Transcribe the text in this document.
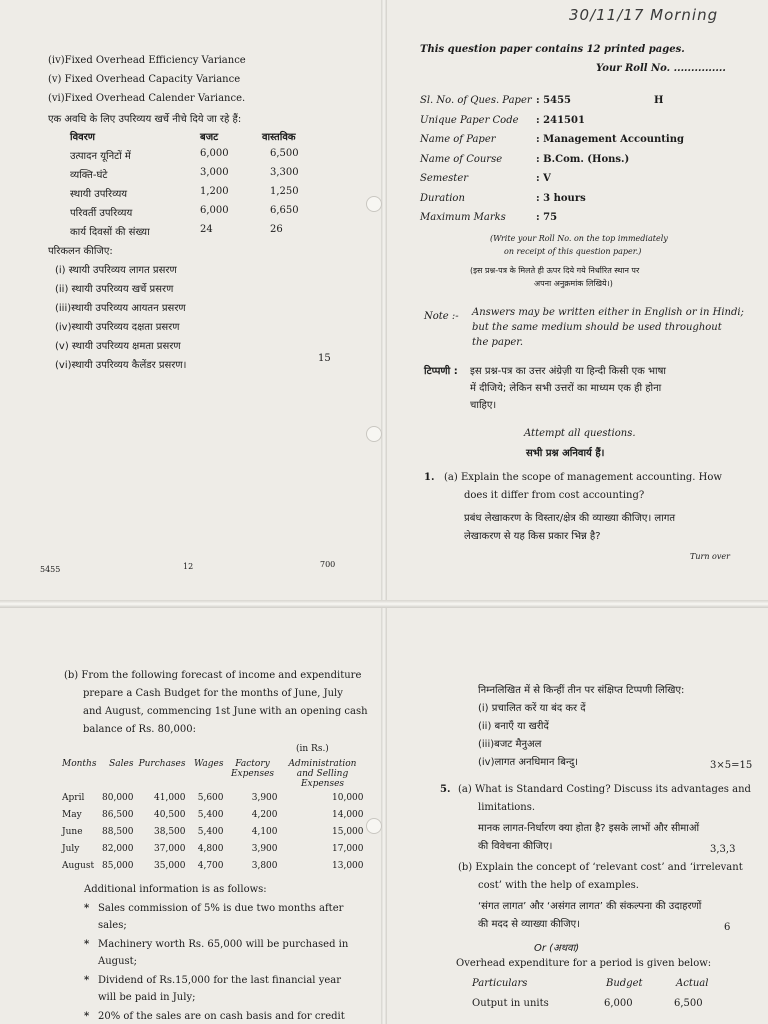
(iv)Fixed Overhead Efficiency Variance
(v) Fixed Overhead Capacity Variance
(vi)Fixed Overhead Calender Variance.
एक अवधि के लिए उपरिव्यय खर्चे नीचे दिये जा रहे हैं:
विवरण	बजट	वास्तविक
उत्पादन यूनिटों में	6,000	6,500
व्यक्ति-घंटे	3,000	3,300
स्थायी उपरिव्यय	1,200	1,250
परिवर्ती उपरिव्यय	6,000	6,650
कार्य दिवसों की संख्या	24	26
परिकलन कीजिए:
(i) स्थायी उपरिव्यय लागत प्रसरण
(ii) स्थायी उपरिव्यय खर्चे प्रसरण
(iii)स्थायी उपरिव्यय आयतन प्रसरण
(iv)स्थायी उपरिव्यय दक्षता प्रसरण
(v) स्थायी उपरिव्यय क्षमता प्रसरण
(vi)स्थायी उपरिव्यय कैलेंडर प्रसरण।
15
5455	12	700
30/11/17 Morning
This question paper contains 12 printed pages.
Your Roll No. ...............
Sl. No. of Ques. Paper : 5455	H
Unique Paper Code : 241501
Name of Paper	: Management Accounting
Name of Course	: B.Com. (Hons.)
Semester	: V
Duration	: 3 hours
Maximum Marks	: 75
(Write your Roll No. on the top immediately
on receipt of this question paper.)
(इस प्रश्न-पत्र के मिलते ही ऊपर दिये गये निर्धारित स्थान पर
अपना अनुक्रमांक लिखिये।)
Note :- Answers may be written either in English or in Hindi;
but the same medium should be used throughout
the paper.
टिप्पणी : इस प्रश्न-पत्र का उत्तर अंग्रेज़ी या हिन्दी किसी एक भाषा
में दीजिये; लेकिन सभी उत्तरों का माध्यम एक ही होना
चाहिए।
Attempt all questions.
सभी प्रश्न अनिवार्य हैं।
1. (a) Explain the scope of management accounting. How
does it differ from cost accounting?
प्रबंध लेखाकरण के विस्तार/क्षेत्र की व्याख्या कीजिए। लागत
लेखाकरण से यह किस प्रकार भिन्न है?
Turn over
(b) From the following forecast of income and expenditure
prepare a Cash Budget for the months of June, July
and August, commencing 1st June with an opening cash
balance of Rs. 80,000:
(in Rs.)
Months	Sales	Purchases	Wages	Factory Expenses	Administration and Selling Expenses
April	80,000	41,000	5,600	3,900	10,000
May	86,500	40,500	5,400	4,200	14,000
June	88,500	38,500	5,400	4,100	15,000
July	82,000	37,000	4,800	3,900	17,000
August	85,000	35,000	4,700	3,800	13,000
Additional information is as follows:
* Sales commission of 5% is due two months after
sales;
* Machinery worth Rs. 65,000 will be purchased in
August;
* Dividend of Rs.15,000 for the last financial year
will be paid in July;
* 20% of the sales are on cash basis and for credit
निम्नलिखित में से किन्हीं तीन पर संक्षिप्त टिप्पणी लिखिए:
(i) प्रचालित करें या बंद कर दें
(ii) बनाएँ या खरीदें
(iii)बजट मैनुअल
(iv)लागत अनधिमान बिन्दु।	3×5=15
5. (a) What is Standard Costing? Discuss its advantages and
limitations.
मानक लागत-निर्धारण क्या होता है? इसके लाभों और सीमाओं
की विवेचना कीजिए।	3,3,3
(b) Explain the concept of ‘relevant cost’ and ‘irrelevant
cost’ with the help of examples.
‘संगत लागत’ और ‘असंगत लागत’ की संकल्पना की उदाहरणों
की मदद से व्याख्या कीजिए।	6
Or (अथवा)
Overhead expenditure for a period is given below:
Particulars	Budget	Actual
Output in units	6,000	6,500
